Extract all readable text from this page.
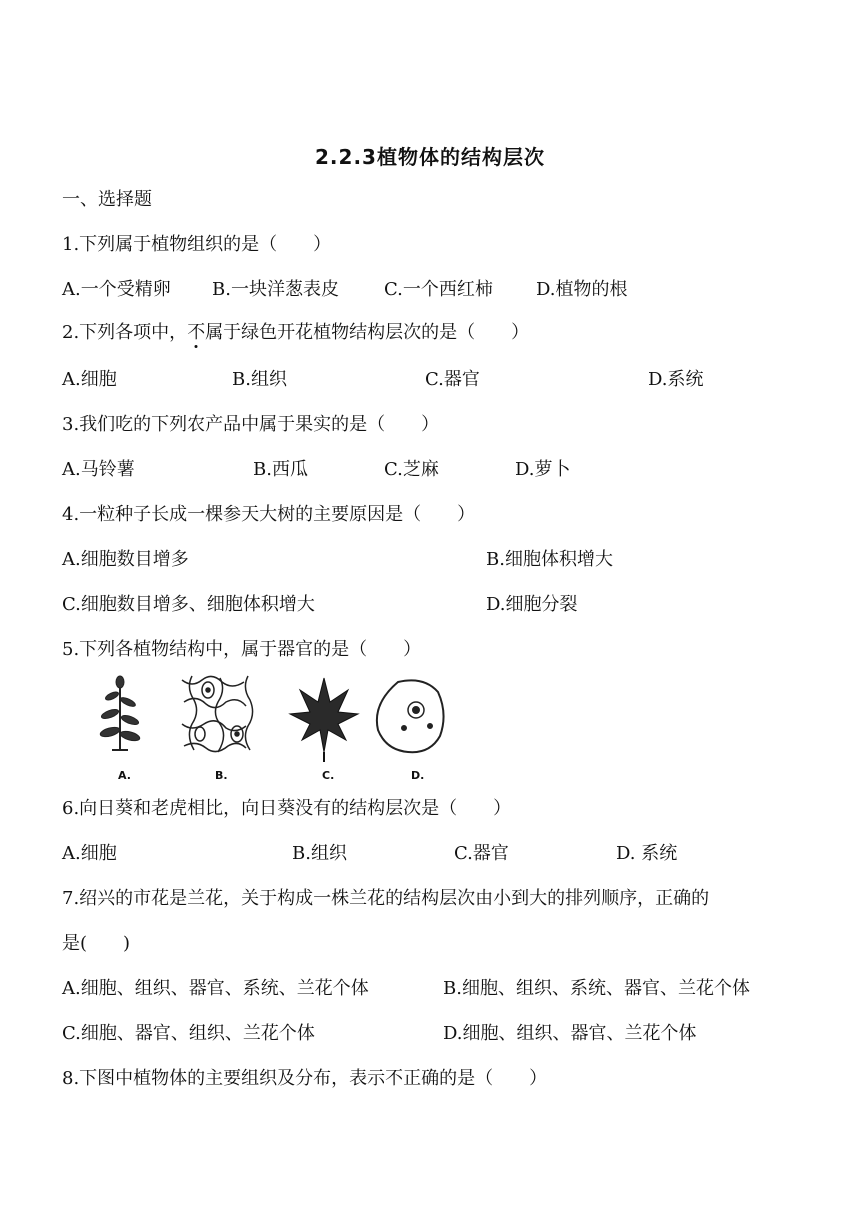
2.2.3植物体的结构层次
一、选择题
1.下列属于植物组织的是（　　）
A.一个受精卵 B.一块洋葱表皮	C.一个西红柿 D.植物的根
2.下列各项中，不属于绿色开花植物结构层次的是（　　）
A.细胞	B.组织	C.器官	D.系统
3.我们吃的下列农产品中属于果实的是（　　）
A.马铃薯	B.西瓜	C.芝麻	D.萝卜
4.一粒种子长成一棵参天大树的主要原因是（　　）
A.细胞数目增多	B.细胞体积增大
C.细胞数目增多、细胞体积增大	D.细胞分裂
5.下列各植物结构中，属于器官的是（　　）
A.	B.	C.	D.
6.向日葵和老虎相比，向日葵没有的结构层次是（　　）
A.细胞	B.组织	C.器官	D. 系统
7.绍兴的市花是兰花，关于构成一株兰花的结构层次由小到大的排列顺序，正确的
是(　　)
A.细胞、组织、器官、系统、兰花个体	B.细胞、组织、系统、器官、兰花个体
C.细胞、器官、组织、兰花个体	D.细胞、组织、器官、兰花个体
8.下图中植物体的主要组织及分布，表示不正确的是（　　）
